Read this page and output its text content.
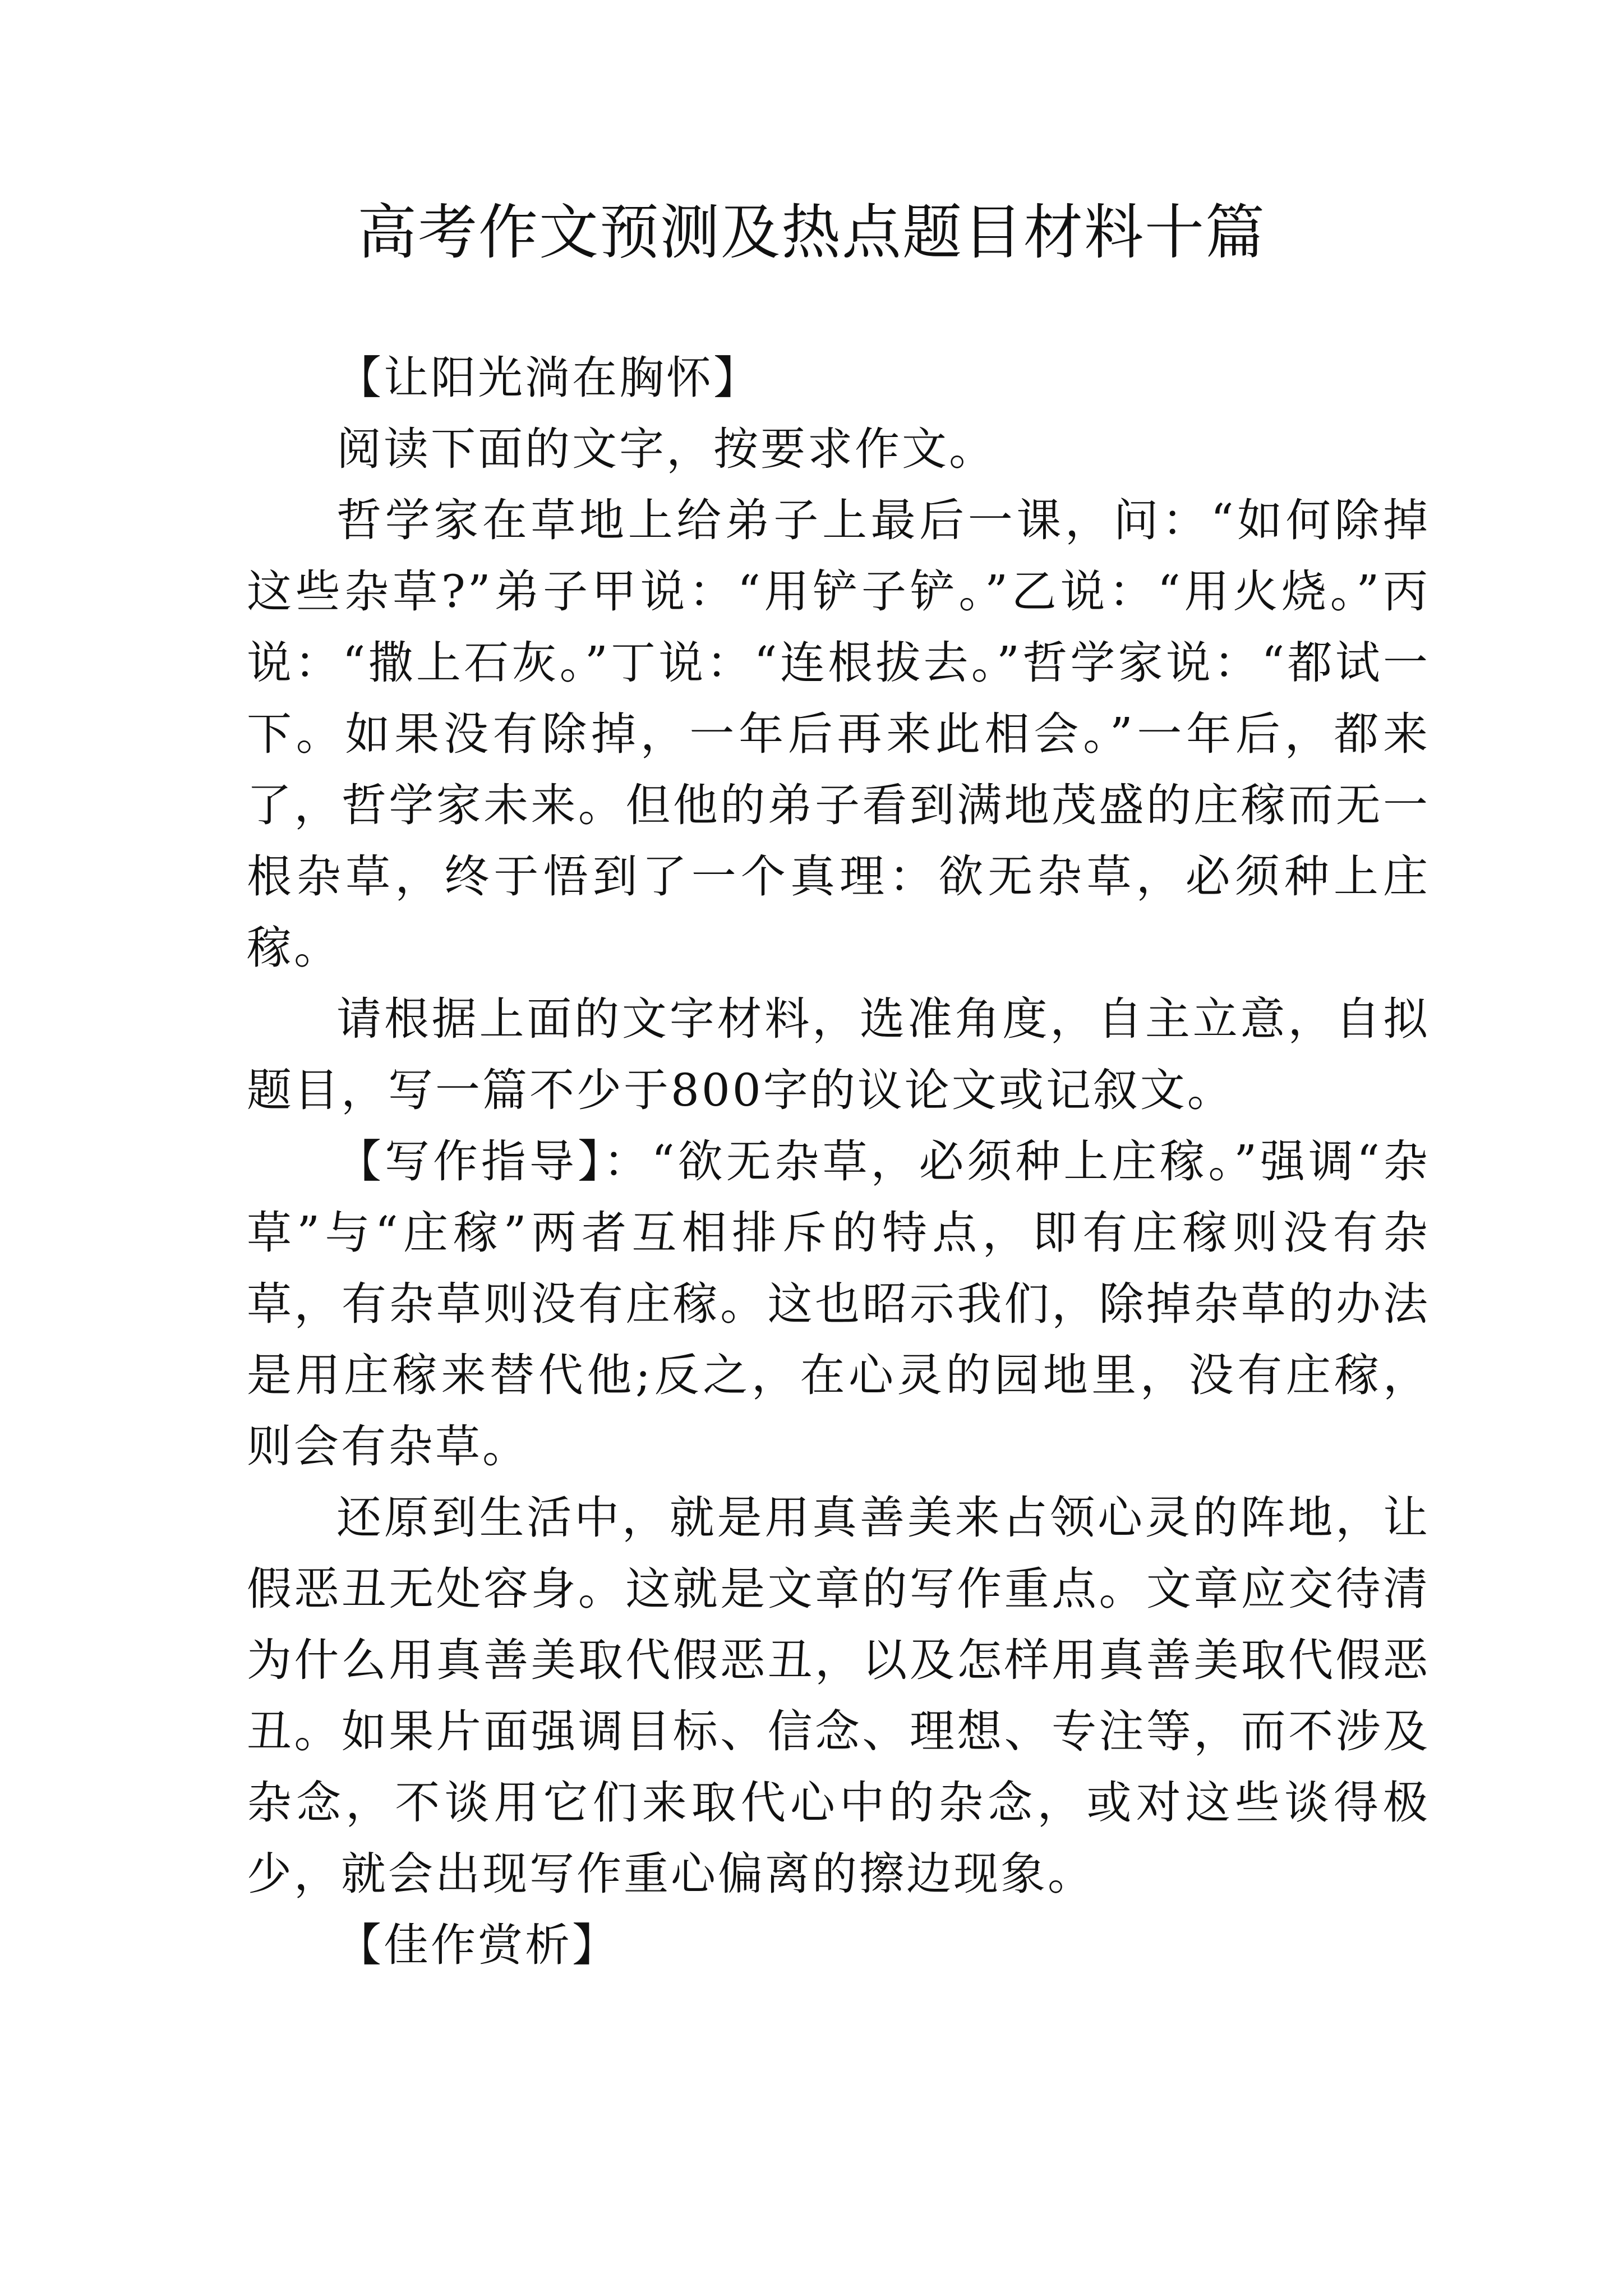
高考作文预测及热点题目材料十篇

【让阳光淌在胸怀】

阅读下面的文字，按要求作文。

哲学家在草地上给弟子上最后一课，问：“如何除掉这些杂草?”弟子甲说：“用铲子铲。”乙说：“用火烧。”丙说：“撒上石灰。”丁说：“连根拔去。”哲学家说：“都试一下。如果没有除掉，一年后再来此相会。”一年后，都来了，哲学家未来。但他的弟子看到满地茂盛的庄稼而无一根杂草，终于悟到了一个真理：欲无杂草，必须种上庄稼。

请根据上面的文字材料，选准角度，自主立意，自拟题目，写一篇不少于800字的议论文或记叙文。

【写作指导】：“欲无杂草，必须种上庄稼。”强调“杂草”与“庄稼”两者互相排斥的特点，即有庄稼则没有杂草，有杂草则没有庄稼。这也昭示我们，除掉杂草的办法是用庄稼来替代他;反之，在心灵的园地里，没有庄稼，则会有杂草。

还原到生活中，就是用真善美来占领心灵的阵地，让假恶丑无处容身。这就是文章的写作重点。文章应交待清为什么用真善美取代假恶丑，以及怎样用真善美取代假恶丑。如果片面强调目标、信念、理想、专注等，而不涉及杂念，不谈用它们来取代心中的杂念，或对这些谈得极少，就会出现写作重心偏离的擦边现象。

【佳作赏析】
